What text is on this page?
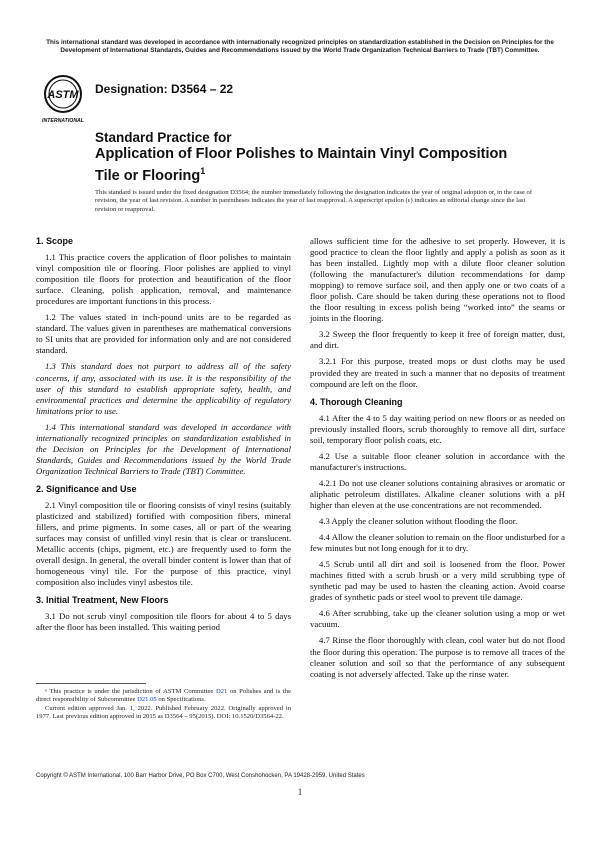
This international standard was developed in accordance with internationally recognized principles on standardization established in the Decision on Principles for the Development of International Standards, Guides and Recommendations issued by the World Trade Organization Technical Barriers to Trade (TBT) Committee.
ASTM
INTERNATIONAL
Designation: D3564 – 22
Standard Practice for
Application of Floor Polishes to Maintain Vinyl Composition
Tile or Flooring$^1$
This standard is issued under the fixed designation D3564; the number immediately following the designation indicates the year of original adoption or, in the case of revision, the year of last revision. A number in parentheses indicates the year of last reapproval. A superscript epsilon (ε) indicates an editorial change since the last revision or reapproval.
1. Scope

1.1 This practice covers the application of floor polishes to maintain vinyl composition tile or flooring. Floor polishes are applied to vinyl composition tile floors for protection and beautification of the floor surface. Cleaning, polish application, removal, and maintenance procedures are important functions in this process.

1.2 The values stated in inch-pound units are to be regarded as standard. The values given in parentheses are mathematical conversions to SI units that are provided for information only and are not considered standard.

1.3 This standard does not purport to address all of the safety concerns, if any, associated with its use. It is the responsibility of the user of this standard to establish appropriate safety, health, and environmental practices and determine the applicability of regulatory limitations prior to use.

1.4 This international standard was developed in accordance with internationally recognized principles on standardization established in the Decision on Principles for the Development of International Standards, Guides and Recommendations issued by the World Trade Organization Technical Barriers to Trade (TBT) Committee.

2. Significance and Use

2.1 Vinyl composition tile or flooring consists of vinyl resins (suitably plasticized and stabilized) fortified with composition fibers, mineral fillers, and prime pigments. In some cases, all or part of the wearing surfaces may consist of unfilled vinyl resin that is clear or translucent. Metallic accents (chips, pigment, etc.) are frequently used to form the overall design. In general, the overall binder content is lower than that of homogeneous vinyl tile. For the purpose of this practice, vinyl composition also includes vinyl asbestos tile.

3. Initial Treatment, New Floors

3.1 Do not scrub vinyl composition tile floors for about 4 to 5 days after the floor has been installed. This waiting period

allows sufficient time for the adhesive to set properly. However, it is good practice to clean the floor lightly and apply a polish as soon as it has been installed. Lightly mop with a dilute floor cleaner solution (following the manufacturer's dilution recommendations for damp mopping) to remove surface soil, and then apply one or two coats of a floor polish. Care should be taken during these operations not to flood the floor resulting in excess polish being “worked into” the seams or joints in the flooring.

3.2 Sweep the floor frequently to keep it free of foreign matter, dust, and dirt.

3.2.1 For this purpose, treated mops or dust cloths may be used provided they are treated in such a manner that no deposits of treatment compound are left on the floor.

4. Thorough Cleaning

4.1 After the 4 to 5 day waiting period on new floors or as needed on previously installed floors, scrub thoroughly to remove all dirt, surface soil, temporary floor polish coats, etc.

4.2 Use a suitable floor cleaner solution in accordance with the manufacturer's instructions.

4.2.1 Do not use cleaner solutions containing abrasives or aromatic or aliphatic petroleum distillates. Alkaline cleaner solutions with a pH higher than eleven at the use concentrations are not recommended.

4.3 Apply the cleaner solution without flooding the floor.

4.4 Allow the cleaner solution to remain on the floor undisturbed for a few minutes but not long enough for it to dry.

4.5 Scrub until all dirt and soil is loosened from the floor. Power machines fitted with a scrub brush or a very mild scrubbing type of synthetic pad may be used to hasten the cleaning action. Avoid coarse grades of synthetic pads or steel wool to prevent tile damage.

4.6 After scrubbing, take up the cleaner solution using a mop or wet vacuum.

4.7 Rinse the floor thoroughly with clean, cool water but do not flood the floor during this operation. The purpose is to remove all traces of the cleaner solution and soil so that the performance of any subsequent coating is not adversely affected. Take up the rinse water.

¹ This practice is under the jurisdiction of ASTM Committee D21 on Polishes and is the direct responsibility of Subcommittee D21.05 on Specifications.

Current edition approved Jan. 1, 2022. Published February 2022. Originally approved in 1977. Last previous edition approved in 2015 as D3564 – 95(2015). DOI: 10.1520/D3564-22.

Copyright © ASTM International, 100 Barr Harbor Drive, PO Box C700, West Conshohocken, PA 19428-2959. United States
1
